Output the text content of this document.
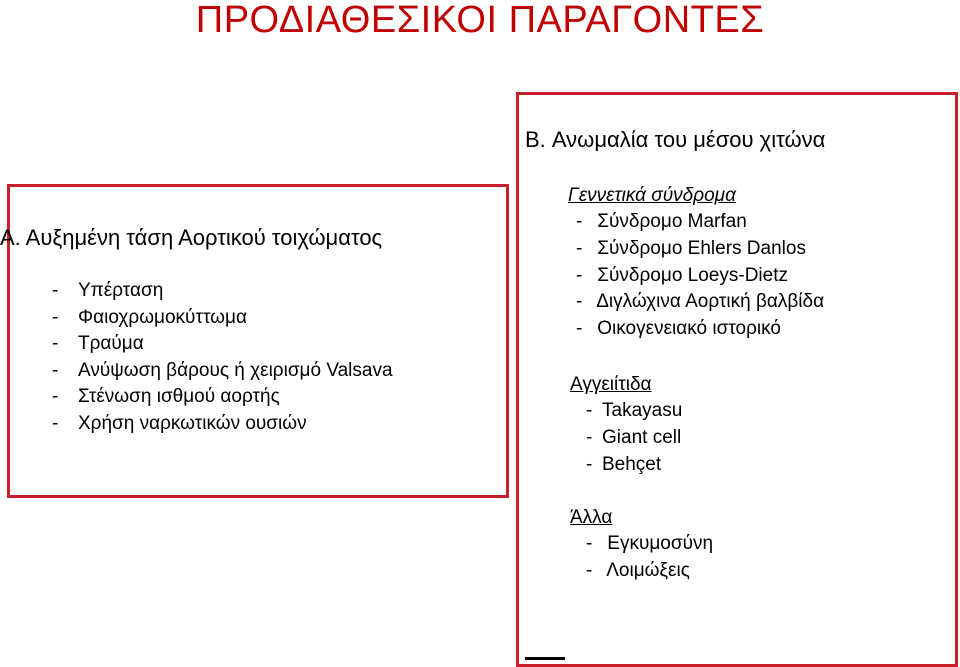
ΠΡΟΔΙΑΘΕΣΙΚΟΙ ΠΑΡΑΓΟΝΤΕΣ
Α. Αυξημένη τάση Αορτικού τοιχώματος
- Υπέρταση
- Φαιοχρωμοκύττωμα
- Τραύμα
- Ανύψωση βάρους ή χειρισμό Valsava
- Στένωση ισθμού αορτής
- Χρήση ναρκωτικών ουσιών
B. Ανωμαλία του μέσου χιτώνα
Γεννετικά σύνδρομα
- Σύνδρομο Marfan
- Σύνδρομο Ehlers Danlos
- Σύνδρομο Loeys-Dietz
- Διγλώχινα Αορτική βαλβίδα
- Οικογενειακό ιστορικό
Αγγειίτιδα
- Takayasu
- Giant cell
- Behçet
Άλλα
- Εγκυμοσύνη
- Λοιμώξεις
